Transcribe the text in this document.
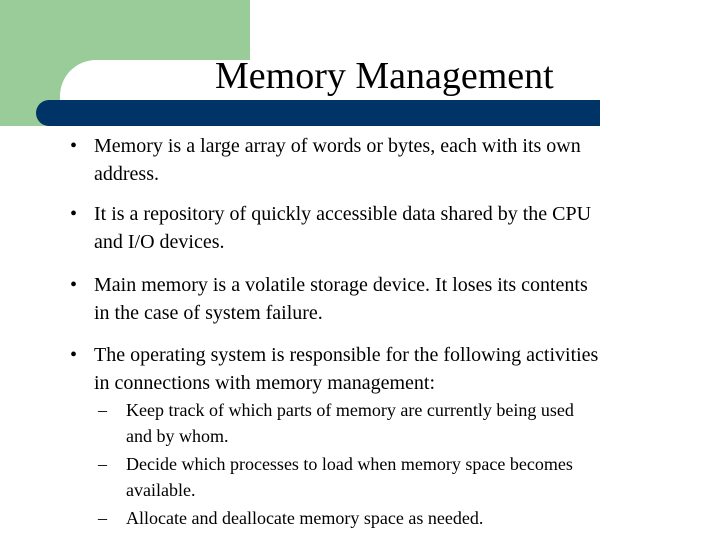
Memory Management
• Memory is a large array of words or bytes, each with its own
address.
• It is a repository of quickly accessible data shared by the CPU
and I/O devices.
• Main memory is a volatile storage device. It loses its contents
in the case of system failure.
• The operating system is responsible for the following activities
in connections with memory management:
– Keep track of which parts of memory are currently being used
and by whom.
– Decide which processes to load when memory space becomes
available.
– Allocate and deallocate memory space as needed.
